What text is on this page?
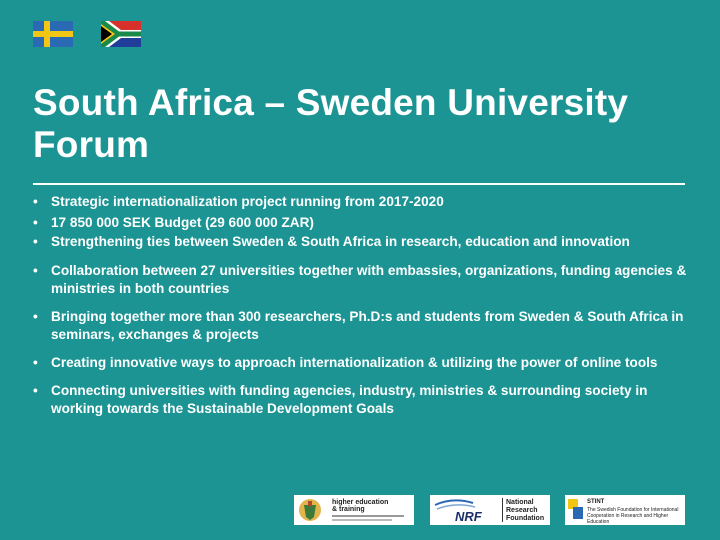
South Africa – Sweden University Forum
• Strategic internationalization project running from 2017-2020
• 17 850 000 SEK Budget (29 600 000 ZAR)
• Strengthening ties between Sweden & South Africa in research, education and innovation
• Collaboration between 27 universities together with embassies, organizations, funding agencies & ministries in both countries
• Bringing together more than 300 researchers, Ph.D:s and students from Sweden & South Africa in seminars, exchanges & projects
• Creating innovative ways to approach internationalization & utilizing the power of online tools
• Connecting universities with funding agencies, industry, ministries & surrounding society in working towards the Sustainable Development Goals
higher education
& training	NRF
National
Research
Foundation
STINT
The Swedish Foundation for International
Cooperation in Research and Higher Education
